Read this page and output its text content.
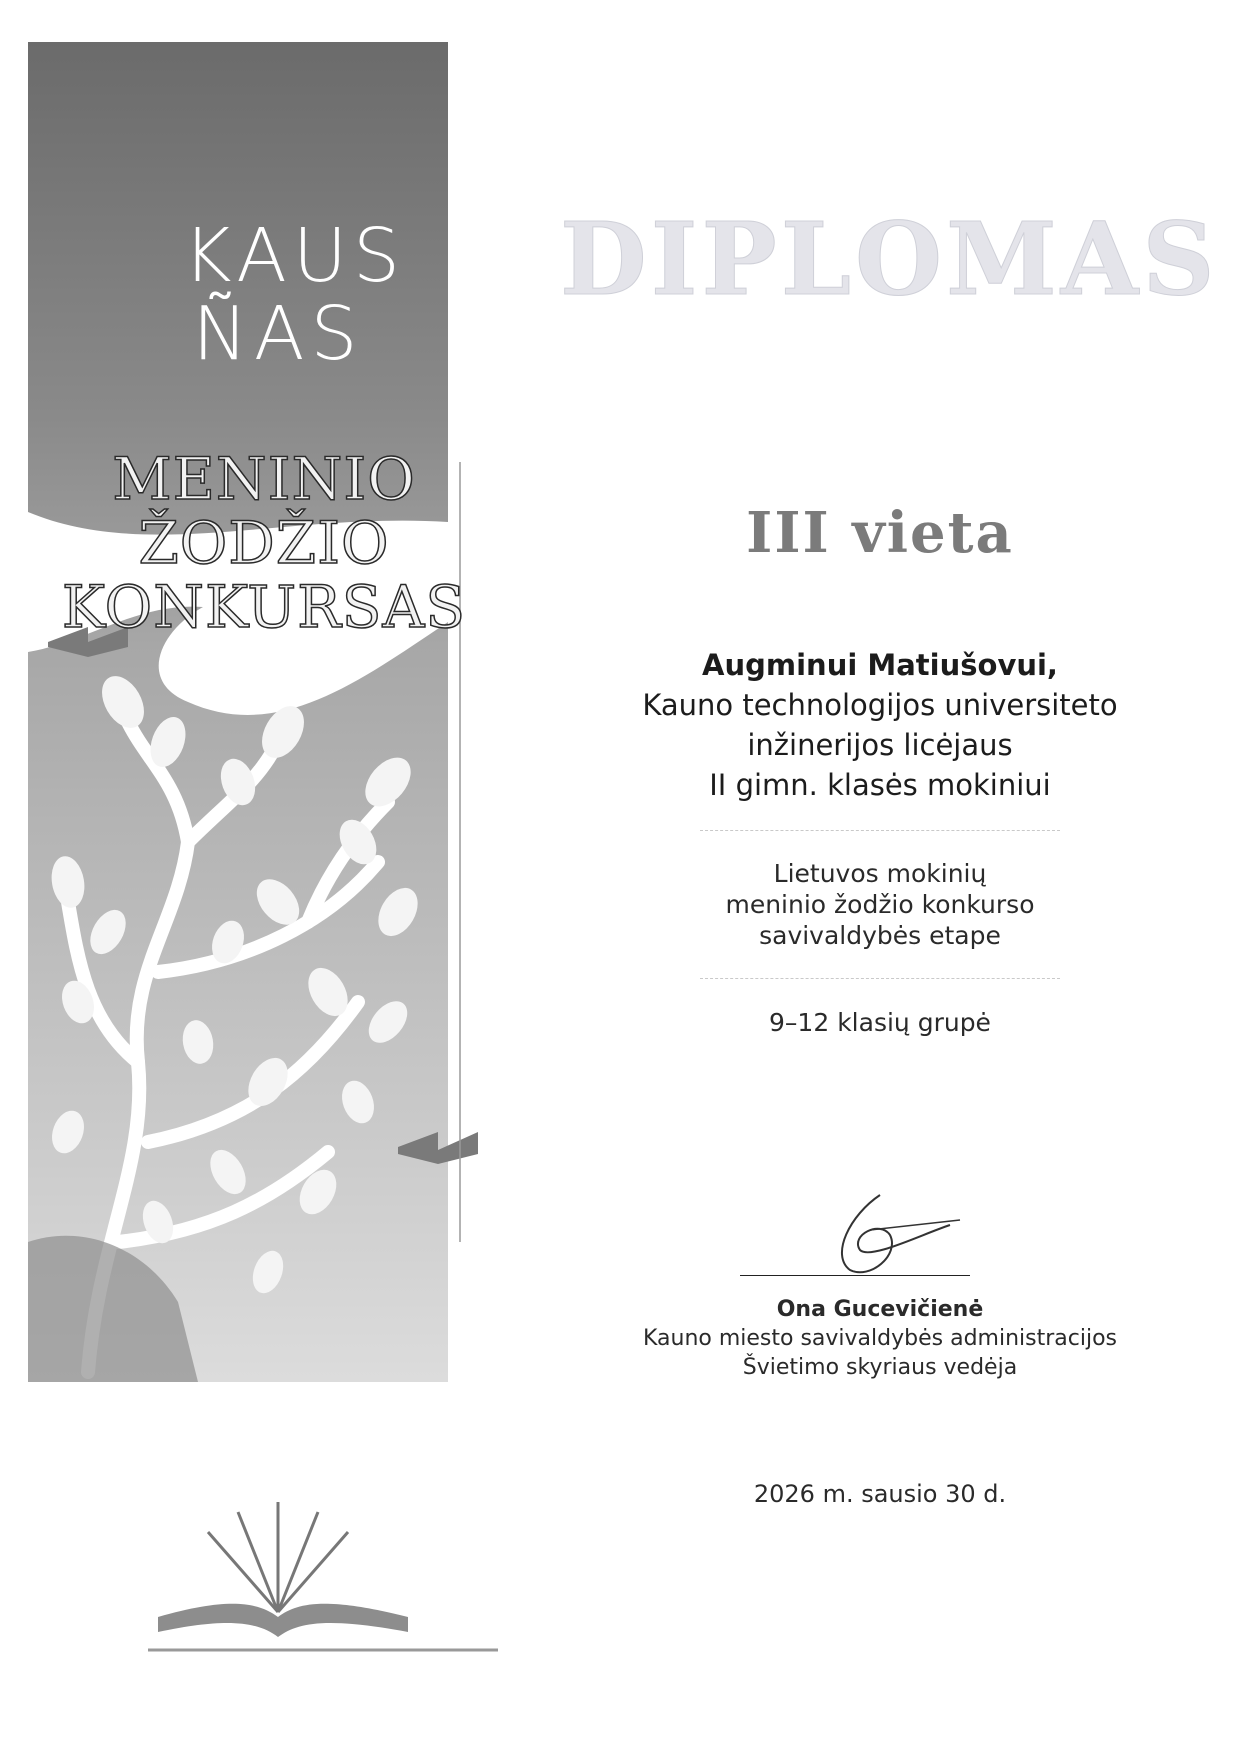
KAUS
ÑAS
MENINIO ŽODŽIO
KONKURSAS
DIPLOMAS
III vieta
Augminui Matiušovui,
Kauno technologijos universiteto
inžinerijos licėjaus
II gimn. klasės mokiniui
Lietuvos mokinių
meninio žodžio konkurso
savivaldybės etape
9–12 klasių grupė
Ona Gucevičienė
Kauno miesto savivaldybės administracijos
Švietimo skyriaus vedėja
2026 m. sausio 30 d.
